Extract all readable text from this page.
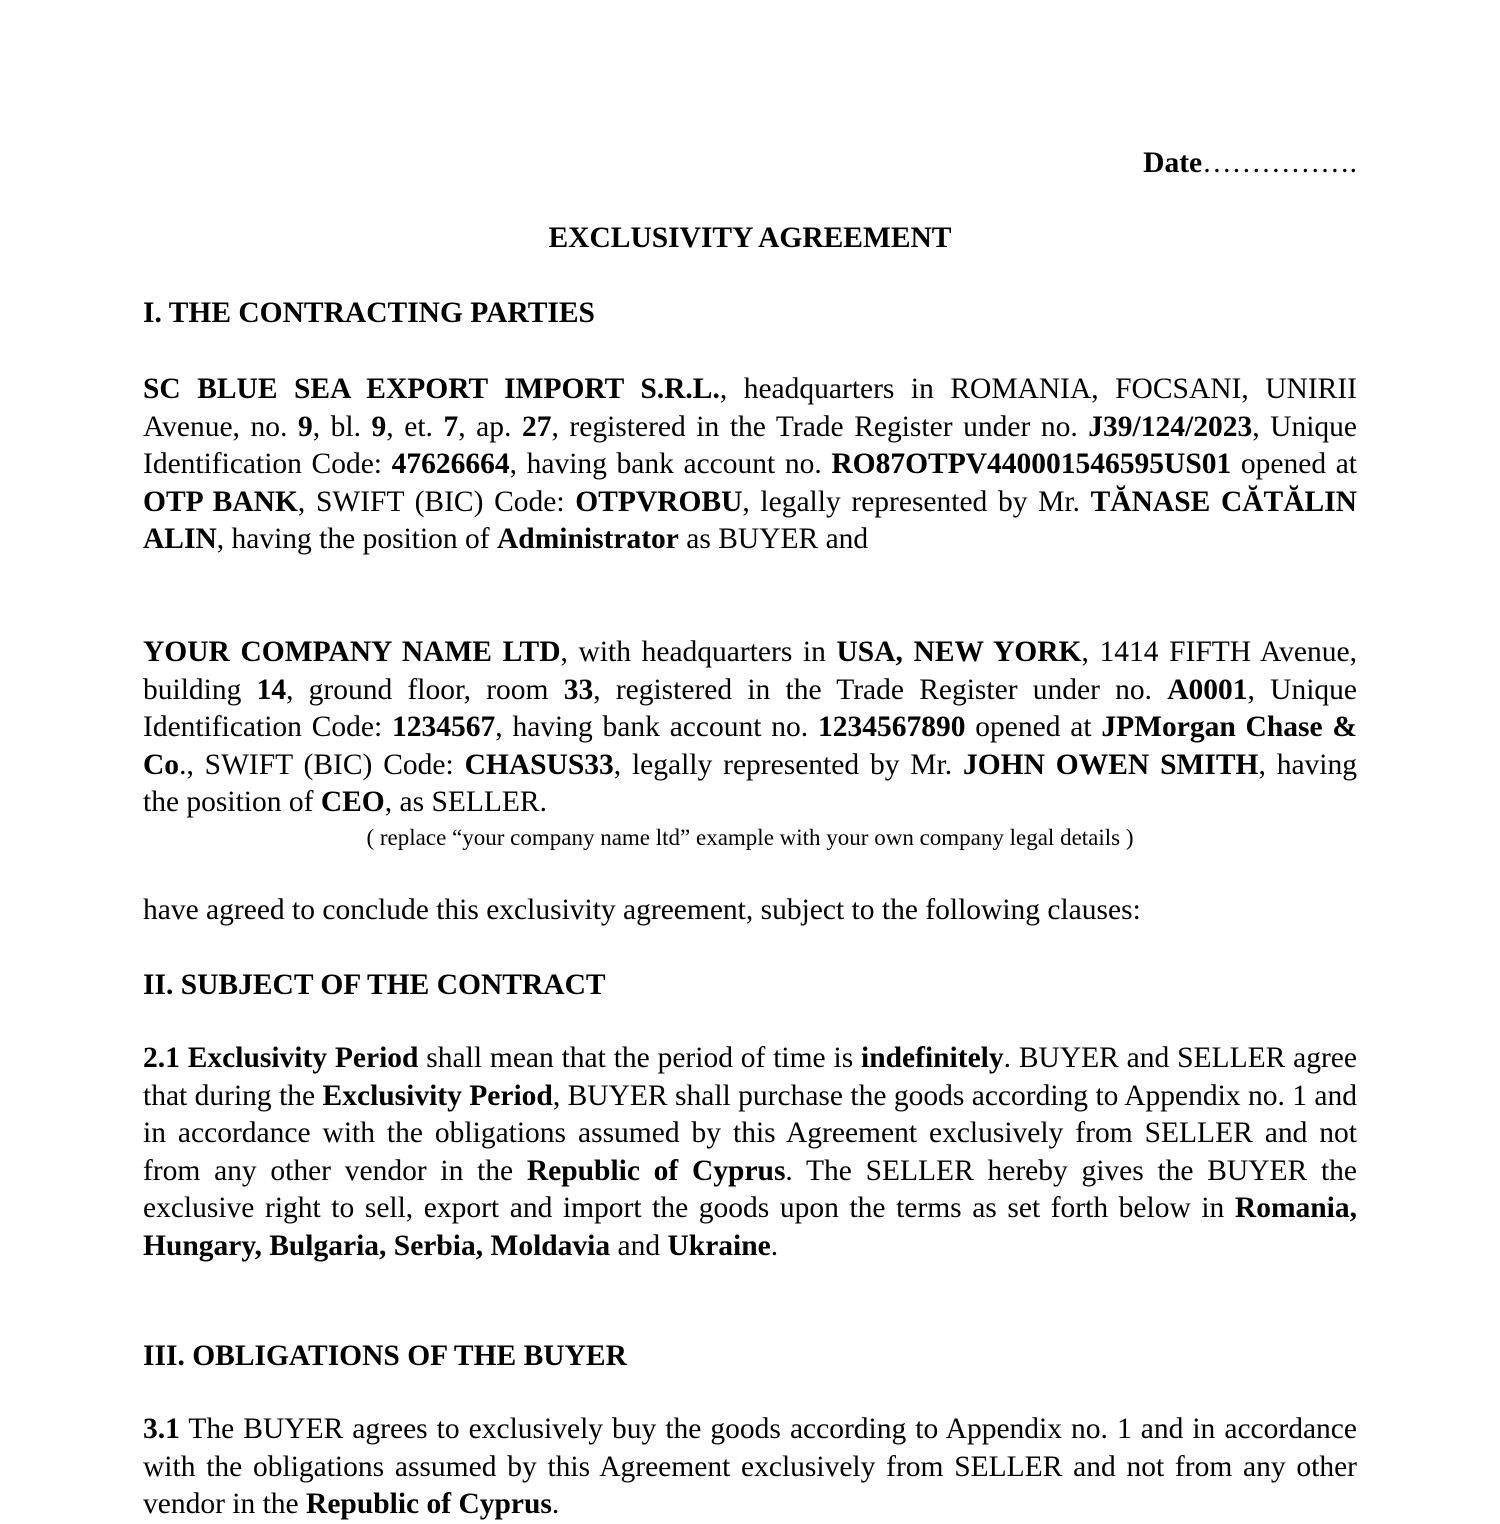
Date…………….
EXCLUSIVITY AGREEMENT
I. THE CONTRACTING PARTIES
SC BLUE SEA EXPORT IMPORT S.R.L., headquarters in ROMANIA, FOCSANI, UNIRII Avenue, no. 9, bl. 9, et. 7, ap. 27, registered in the Trade Register under no. J39/124/2023, Unique Identification Code: 47626664, having bank account no. RO87OTPV440001546595US01 opened at OTP BANK, SWIFT (BIC) Code: OTPVROBU, legally represented by Mr. TĂNASE CĂTĂLIN ALIN, having the position of Administrator as BUYER and
YOUR COMPANY NAME LTD, with headquarters in USA, NEW YORK, 1414 FIFTH Avenue, building 14, ground floor, room 33, registered in the Trade Register under no. A0001, Unique Identification Code: 1234567, having bank account no. 1234567890 opened at JPMorgan Chase & Co., SWIFT (BIC) Code: CHASUS33, legally represented by Mr. JOHN OWEN SMITH, having the position of CEO, as SELLER.
( replace “your company name ltd” example with your own company legal details )
have agreed to conclude this exclusivity agreement, subject to the following clauses:
II. SUBJECT OF THE CONTRACT
2.1 Exclusivity Period shall mean that the period of time is indefinitely. BUYER and SELLER agree that during the Exclusivity Period, BUYER shall purchase the goods according to Appendix no. 1 and in accordance with the obligations assumed by this Agreement exclusively from SELLER and not from any other vendor in the Republic of Cyprus. The SELLER hereby gives the BUYER the exclusive right to sell, export and import the goods upon the terms as set forth below in Romania, Hungary, Bulgaria, Serbia, Moldavia and Ukraine.
III. OBLIGATIONS OF THE BUYER
3.1 The BUYER agrees to exclusively buy the goods according to Appendix no. 1 and in accordance with the obligations assumed by this Agreement exclusively from SELLER and not from any other vendor in the Republic of Cyprus.
